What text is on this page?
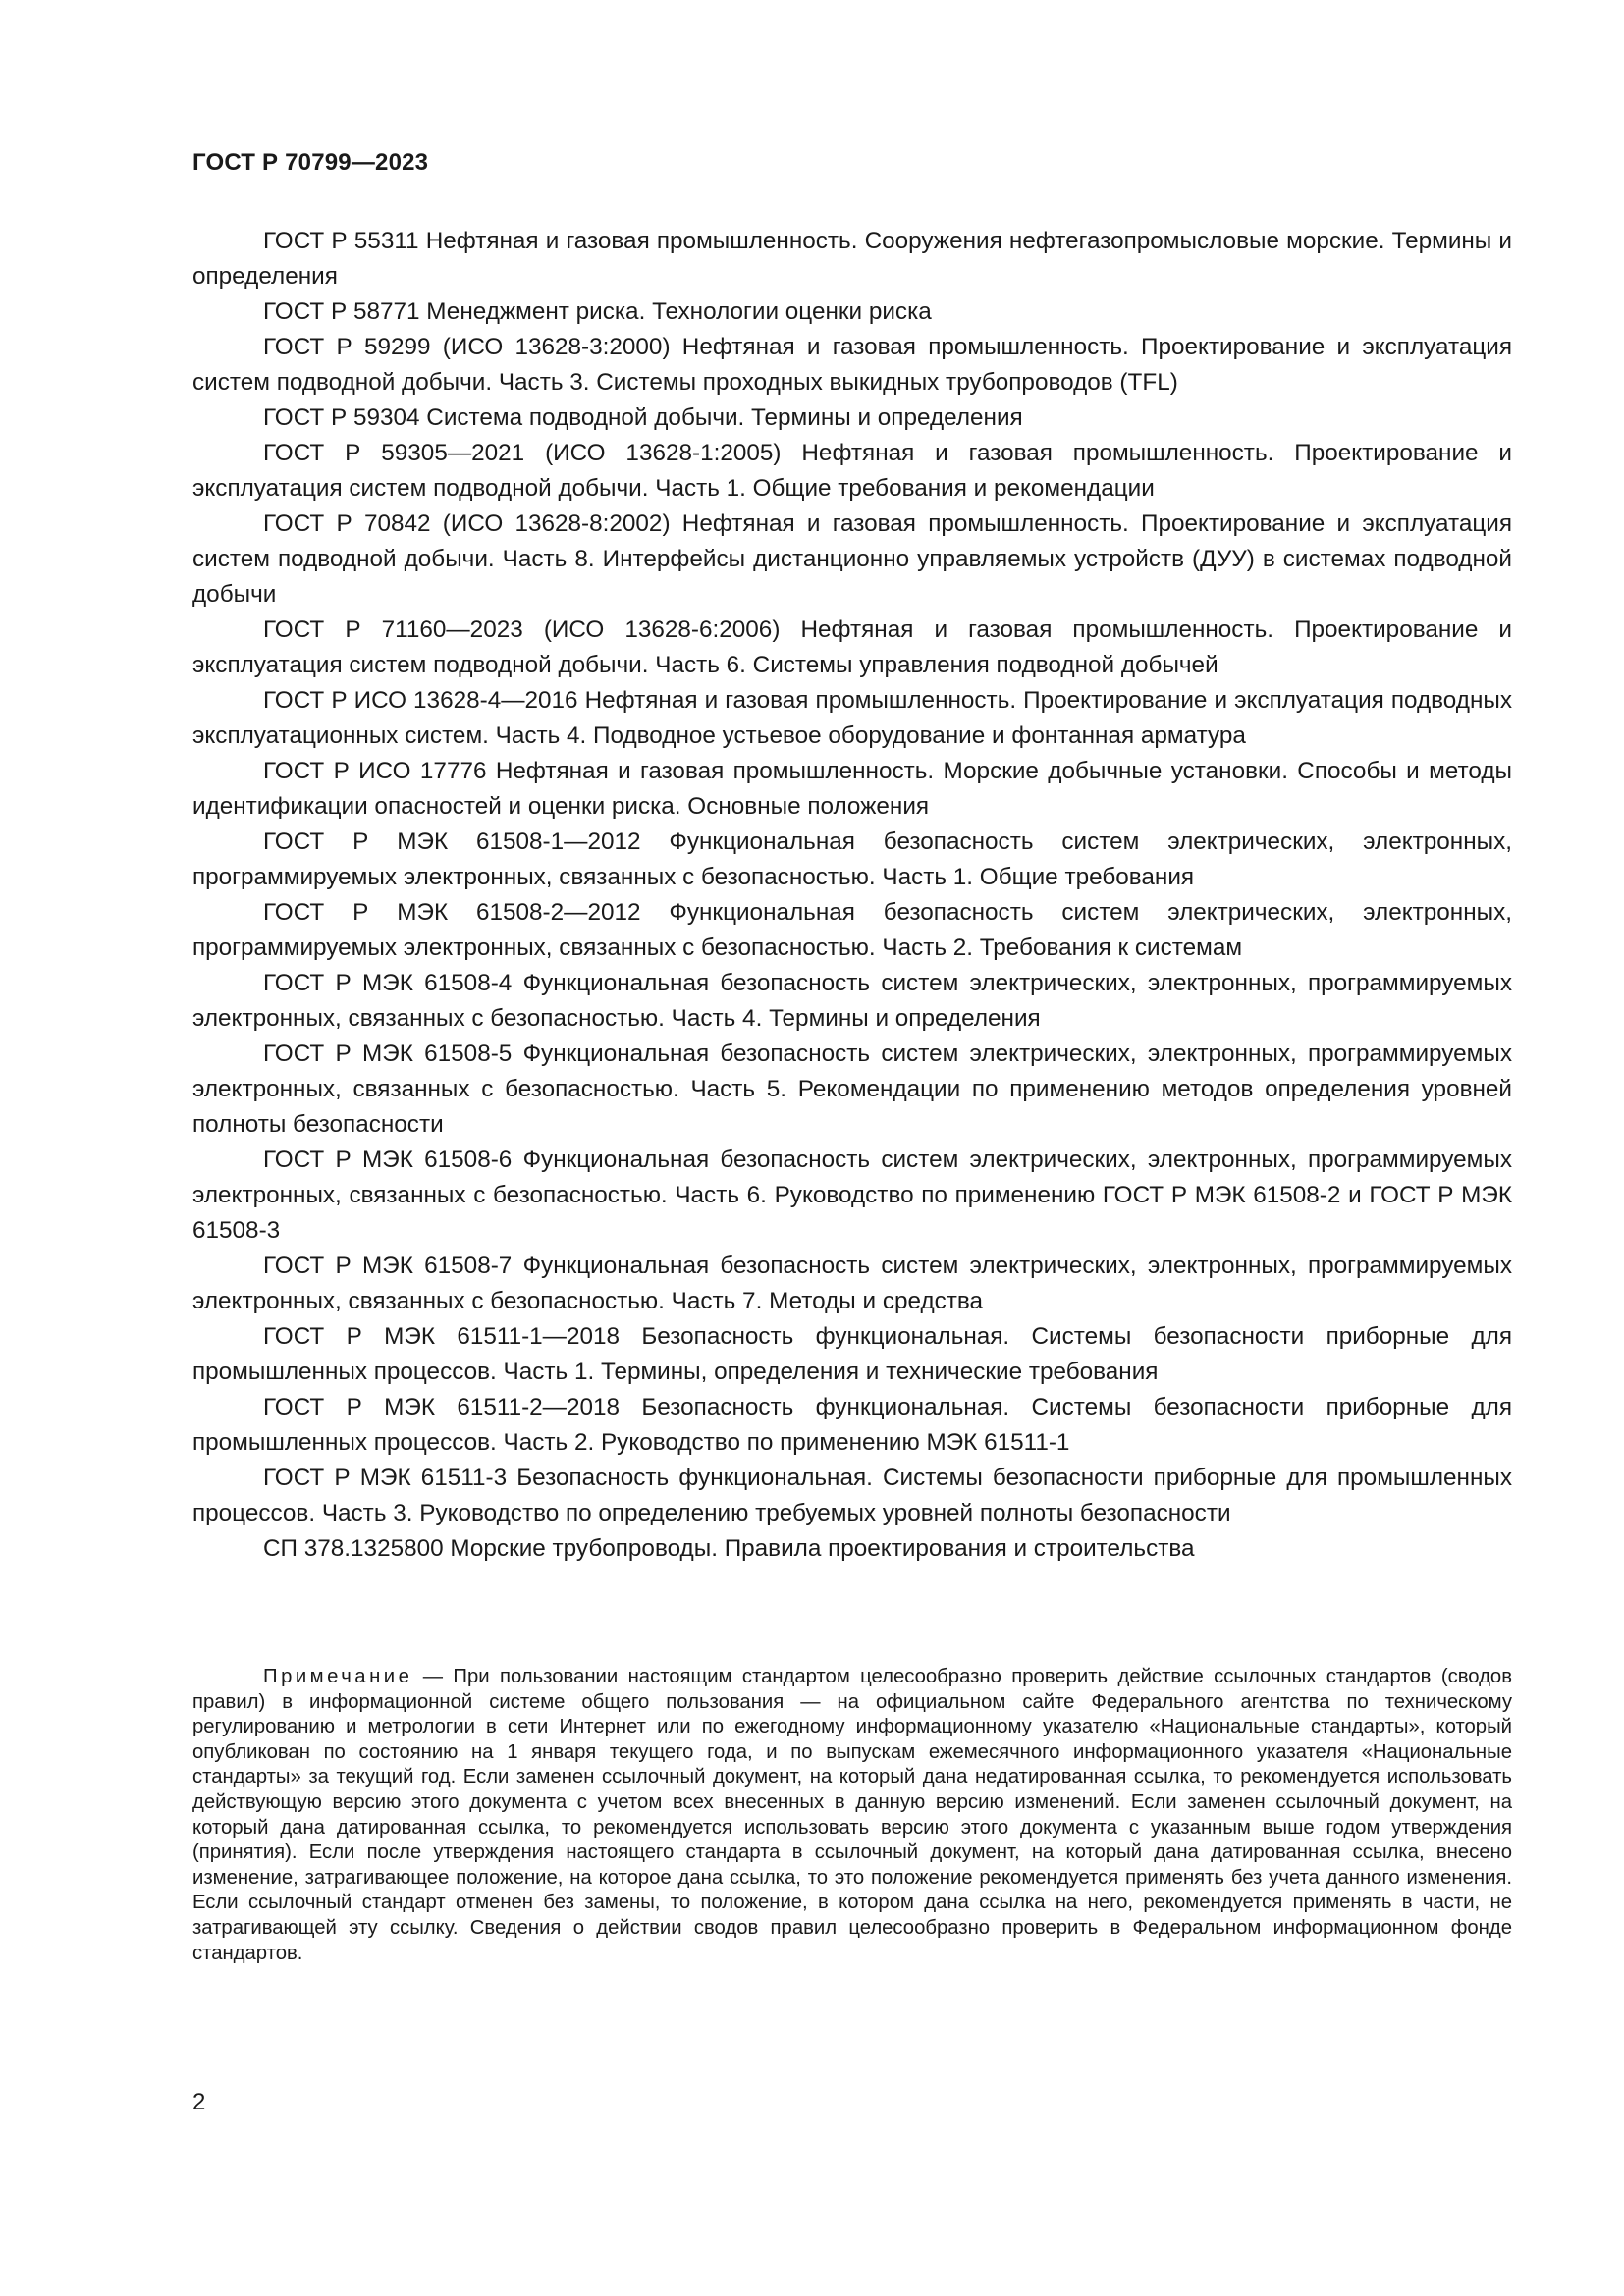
ГОСТ Р 70799—2023

ГОСТ Р 55311 Нефтяная и газовая промышленность. Сооружения нефтегазопромысловые морские. Термины и определения

ГОСТ Р 58771 Менеджмент риска. Технологии оценки риска

ГОСТ Р 59299 (ИСО 13628-3:2000) Нефтяная и газовая промышленность. Проектирование и эксплуатация систем подводной добычи. Часть 3. Системы проходных выкидных трубопроводов (TFL)

ГОСТ Р 59304 Система подводной добычи. Термины и определения

ГОСТ Р 59305—2021 (ИСО 13628-1:2005) Нефтяная и газовая промышленность. Проектирование и эксплуатация систем подводной добычи. Часть 1. Общие требования и рекомендации

ГОСТ Р 70842 (ИСО 13628-8:2002) Нефтяная и газовая промышленность. Проектирование и эксплуатация систем подводной добычи. Часть 8. Интерфейсы дистанционно управляемых устройств (ДУУ) в системах подводной добычи

ГОСТ Р 71160—2023 (ИСО 13628-6:2006) Нефтяная и газовая промышленность. Проектирование и эксплуатация систем подводной добычи. Часть 6. Системы управления подводной добычей

ГОСТ Р ИСО 13628-4—2016 Нефтяная и газовая промышленность. Проектирование и эксплуатация подводных эксплуатационных систем. Часть 4. Подводное устьевое оборудование и фонтанная арматура

ГОСТ Р ИСО 17776 Нефтяная и газовая промышленность. Морские добычные установки. Способы и методы идентификации опасностей и оценки риска. Основные положения

ГОСТ Р МЭК 61508-1—2012 Функциональная безопасность систем электрических, электронных, программируемых электронных, связанных с безопасностью. Часть 1. Общие требования

ГОСТ Р МЭК 61508-2—2012 Функциональная безопасность систем электрических, электронных, программируемых электронных, связанных с безопасностью. Часть 2. Требования к системам

ГОСТ Р МЭК 61508-4 Функциональная безопасность систем электрических, электронных, программируемых электронных, связанных с безопасностью. Часть 4. Термины и определения

ГОСТ Р МЭК 61508-5 Функциональная безопасность систем электрических, электронных, программируемых электронных, связанных с безопасностью. Часть 5. Рекомендации по применению методов определения уровней полноты безопасности

ГОСТ Р МЭК 61508-6 Функциональная безопасность систем электрических, электронных, программируемых электронных, связанных с безопасностью. Часть 6. Руководство по применению ГОСТ Р МЭК 61508-2 и ГОСТ Р МЭК 61508-3

ГОСТ Р МЭК 61508-7 Функциональная безопасность систем электрических, электронных, программируемых электронных, связанных с безопасностью. Часть 7. Методы и средства

ГОСТ Р МЭК 61511-1—2018 Безопасность функциональная. Системы безопасности приборные для промышленных процессов. Часть 1. Термины, определения и технические требования

ГОСТ Р МЭК 61511-2—2018 Безопасность функциональная. Системы безопасности приборные для промышленных процессов. Часть 2. Руководство по применению МЭК 61511-1

ГОСТ Р МЭК 61511-3 Безопасность функциональная. Системы безопасности приборные для промышленных процессов. Часть 3. Руководство по определению требуемых уровней полноты безопасности

СП 378.1325800 Морские трубопроводы. Правила проектирования и строительства

Примечание — При пользовании настоящим стандартом целесообразно проверить действие ссылочных стандартов (сводов правил) в информационной системе общего пользования — на официальном сайте Федерального агентства по техническому регулированию и метрологии в сети Интернет или по ежегодному информационному указателю «Национальные стандарты», который опубликован по состоянию на 1 января текущего года, и по выпускам ежемесячного информационного указателя «Национальные стандарты» за текущий год. Если заменен ссылочный документ, на который дана недатированная ссылка, то рекомендуется использовать действующую версию этого документа с учетом всех внесенных в данную версию изменений. Если заменен ссылочный документ, на который дана датированная ссылка, то рекомендуется использовать версию этого документа с указанным выше годом утверждения (принятия). Если после утверждения настоящего стандарта в ссылочный документ, на который дана датированная ссылка, внесено изменение, затрагивающее положение, на которое дана ссылка, то это положение рекомендуется применять без учета данного изменения. Если ссылочный стандарт отменен без замены, то положение, в котором дана ссылка на него, рекомендуется применять в части, не затрагивающей эту ссылку. Сведения о действии сводов правил целесообразно проверить в Федеральном информационном фонде стандартов.

2
